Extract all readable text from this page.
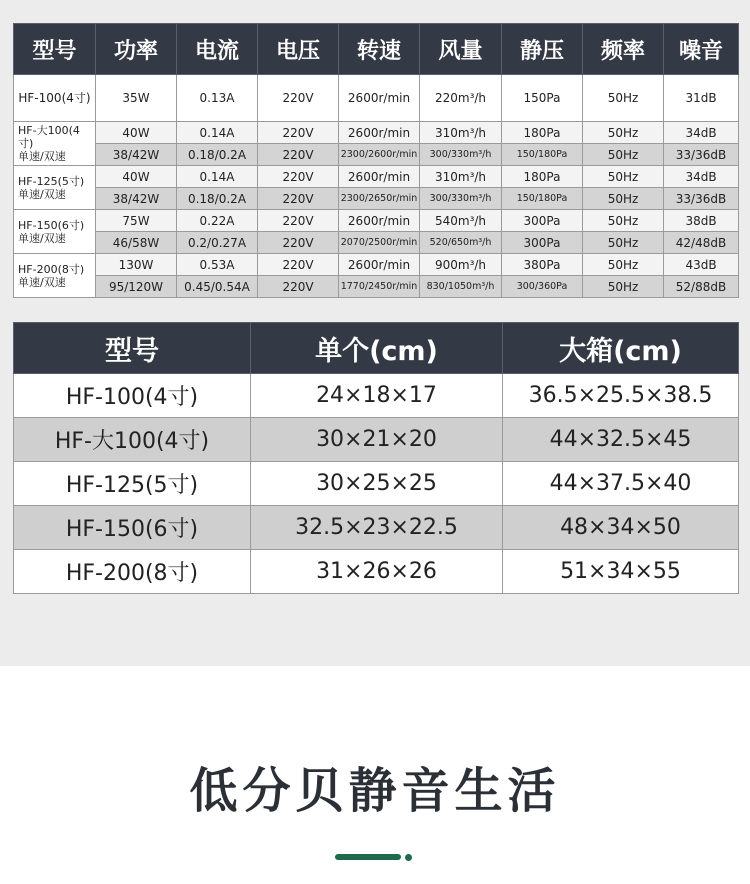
型号	功率	电流	电压	转速	风量	静压	频率	噪音

HF-100(4寸)	35W	0.13A	220V	2600r/min	220m³/h	150Pa	50Hz	31dB

HF-大100(4寸)
单速/双速	40W	0.14A	220V	2600r/min	310m³/h	180Pa	50Hz	34dB
	38/42W	0.18/0.2A	220V	2300/2600r/min	300/330m³/h	150/180Pa	50Hz	33/36dB

HF-125(5寸)
单速/双速	40W	0.14A	220V	2600r/min	310m³/h	180Pa	50Hz	34dB
	38/42W	0.18/0.2A	220V	2300/2650r/min	300/330m³/h	150/180Pa	50Hz	33/36dB

HF-150(6寸)
单速/双速	75W	0.22A	220V	2600r/min	540m³/h	300Pa	50Hz	38dB
	46/58W	0.2/0.27A	220V	2070/2500r/min	520/650m³/h	300Pa	50Hz	42/48dB

HF-200(8寸)
单速/双速	130W	0.53A	220V	2600r/min	900m³/h	380Pa	50Hz	43dB
	95/120W	0.45/0.54A	220V	1770/2450r/min	830/1050m³/h	300/360Pa	50Hz	52/88dB
型号	单个(cm)	大箱(cm)
HF-100(4寸)	24×18×17	36.5×25.5×38.5
HF-大100(4寸)	30×21×20	44×32.5×45
HF-125(5寸)	30×25×25	44×37.5×40
HF-150(6寸)	32.5×23×22.5	48×34×50
HF-200(8寸)	31×26×26	51×34×55
低分贝静音生活
